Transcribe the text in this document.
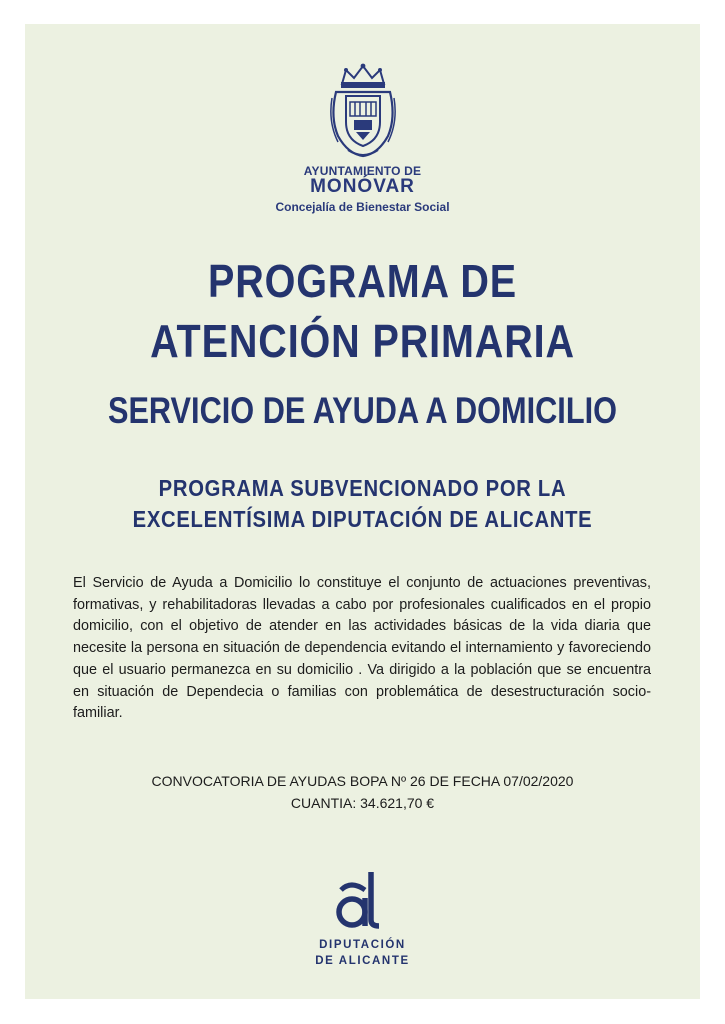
AYUNTAMIENTO DE
MONÓVAR
Concejalía de Bienestar Social
PROGRAMA DE
ATENCIÓN PRIMARIA
SERVICIO DE AYUDA A DOMICILIO
PROGRAMA SUBVENCIONADO POR LA
EXCELENTÍSIMA DIPUTACIÓN DE ALICANTE
El Servicio de Ayuda a Domicilio lo constituye el conjunto de actuaciones preventivas, formativas, y rehabilitadoras llevadas a cabo por profesionales cualificados en el propio domicilio, con el objetivo de atender en las actividades básicas de la vida diaria que necesite la persona en situación de dependencia evitando el internamiento y favoreciendo que el usuario permanezca en su domicilio . Va dirigido a la población que se encuentra en situación de Dependecia o familias con problemática de desestructuración socio-familiar.
CONVOCATORIA DE AYUDAS BOPA Nº 26 DE FECHA 07/02/2020
CUANTIA: 34.621,70 €
DIPUTACIÓN
DE ALICANTE
